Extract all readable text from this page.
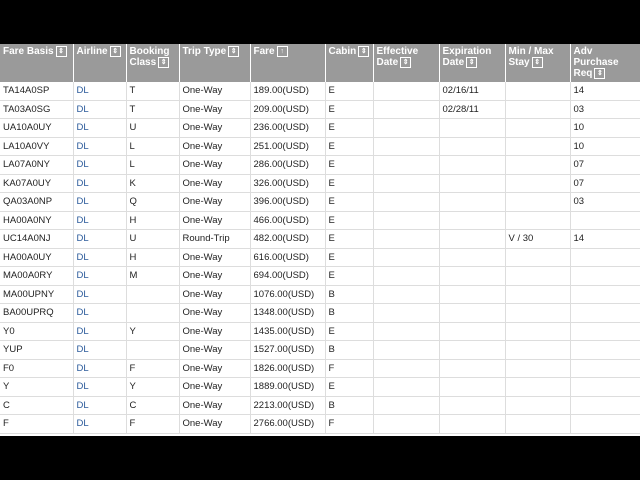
Fare Basis ⇕	Airline ⇕	Booking Class ⇕	Trip Type ⇕	Fare ↑	Cabin ⇕	Effective Date ⇕	Expiration Date ⇕	Min / Max Stay ⇕	Adv Purchase Req ⇕
TA14A0SP	DL	T	One-Way	189.00(USD)	E		02/16/11		14
TA03A0SG	DL	T	One-Way	209.00(USD)	E		02/28/11		03
UA10A0UY	DL	U	One-Way	236.00(USD)	E				10
LA10A0VY	DL	L	One-Way	251.00(USD)	E				10
LA07A0NY	DL	L	One-Way	286.00(USD)	E				07
KA07A0UY	DL	K	One-Way	326.00(USD)	E				07
QA03A0NP	DL	Q	One-Way	396.00(USD)	E				03
HA00A0NY	DL	H	One-Way	466.00(USD)	E				
UC14A0NJ	DL	U	Round-Trip	482.00(USD)	E			V / 30	14
HA00A0UY	DL	H	One-Way	616.00(USD)	E				
MA00A0RY	DL	M	One-Way	694.00(USD)	E				
MA00UPNY	DL		One-Way	1076.00(USD)	B				
BA00UPRQ	DL		One-Way	1348.00(USD)	B				
Y0	DL	Y	One-Way	1435.00(USD)	E				
YUP	DL		One-Way	1527.00(USD)	B				
F0	DL	F	One-Way	1826.00(USD)	F				
Y	DL	Y	One-Way	1889.00(USD)	E				
C	DL	C	One-Way	2213.00(USD)	B				
F	DL	F	One-Way	2766.00(USD)	F				
